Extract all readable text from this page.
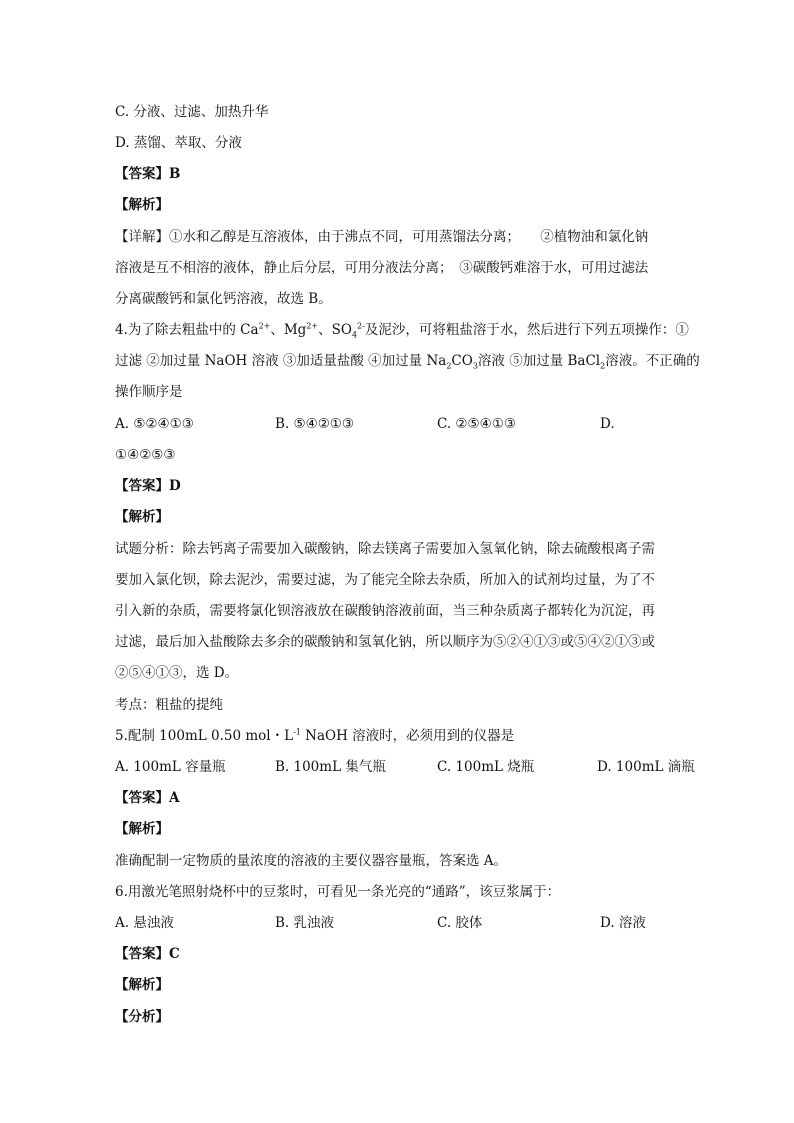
C. 分液、过滤、加热升华
D. 蒸馏、萃取、分液
【答案】B
【解析】
【详解】①水和乙醇是互溶液体，由于沸点不同，可用蒸馏法分离；　　②植物油和氯化钠
溶液是互不相溶的液体，静止后分层，可用分液法分离；　③碳酸钙难溶于水，可用过滤法
分离碳酸钙和氯化钙溶液，故选 B。
4.为了除去粗盐中的 $Ca^{2+}$、$Mg^{2+}$、$SO_4^{2-}$及泥沙，可将粗盐溶于水，然后进行下列五项操作：①
过滤 ②加过量 NaOH 溶液 ③加适量盐酸 ④加过量 $Na_2CO_3$溶液 ⑤加过量 BaCl$_2$溶液。不正确的
操作顺序是
A. ⑤②④①③	B. ⑤④②①③	C. ②⑤④①③	D.
①④②⑤③
【答案】D
【解析】
试题分析：除去钙离子需要加入碳酸钠，除去镁离子需要加入氢氧化钠，除去硫酸根离子需
要加入氯化钡，除去泥沙，需要过滤，为了能完全除去杂质，所加入的试剂均过量，为了不
引入新的杂质，需要将氯化钡溶液放在碳酸钠溶液前面，当三种杂质离子都转化为沉淀，再
过滤，最后加入盐酸除去多余的碳酸钠和氢氧化钠，所以顺序为⑤②④①③或⑤④②①③或
②⑤④①③，选 D。
考点：粗盐的提纯
5.配制 100mL 0.50 mol・$L^{-1}$ NaOH 溶液时，必须用到的仪器是
A. 100mL 容量瓶	B. 100mL 集气瓶	C. 100mL 烧瓶	D. 100mL 滴瓶
【答案】A
【解析】
准确配制一定物质的量浓度的溶液的主要仪器容量瓶，答案选 A。
6.用激光笔照射烧杯中的豆浆时，可看见一条光亮的“通路”，该豆浆属于：
A. 悬浊液	B. 乳浊液	C. 胶体	D. 溶液
【答案】C
【解析】
【分析】
